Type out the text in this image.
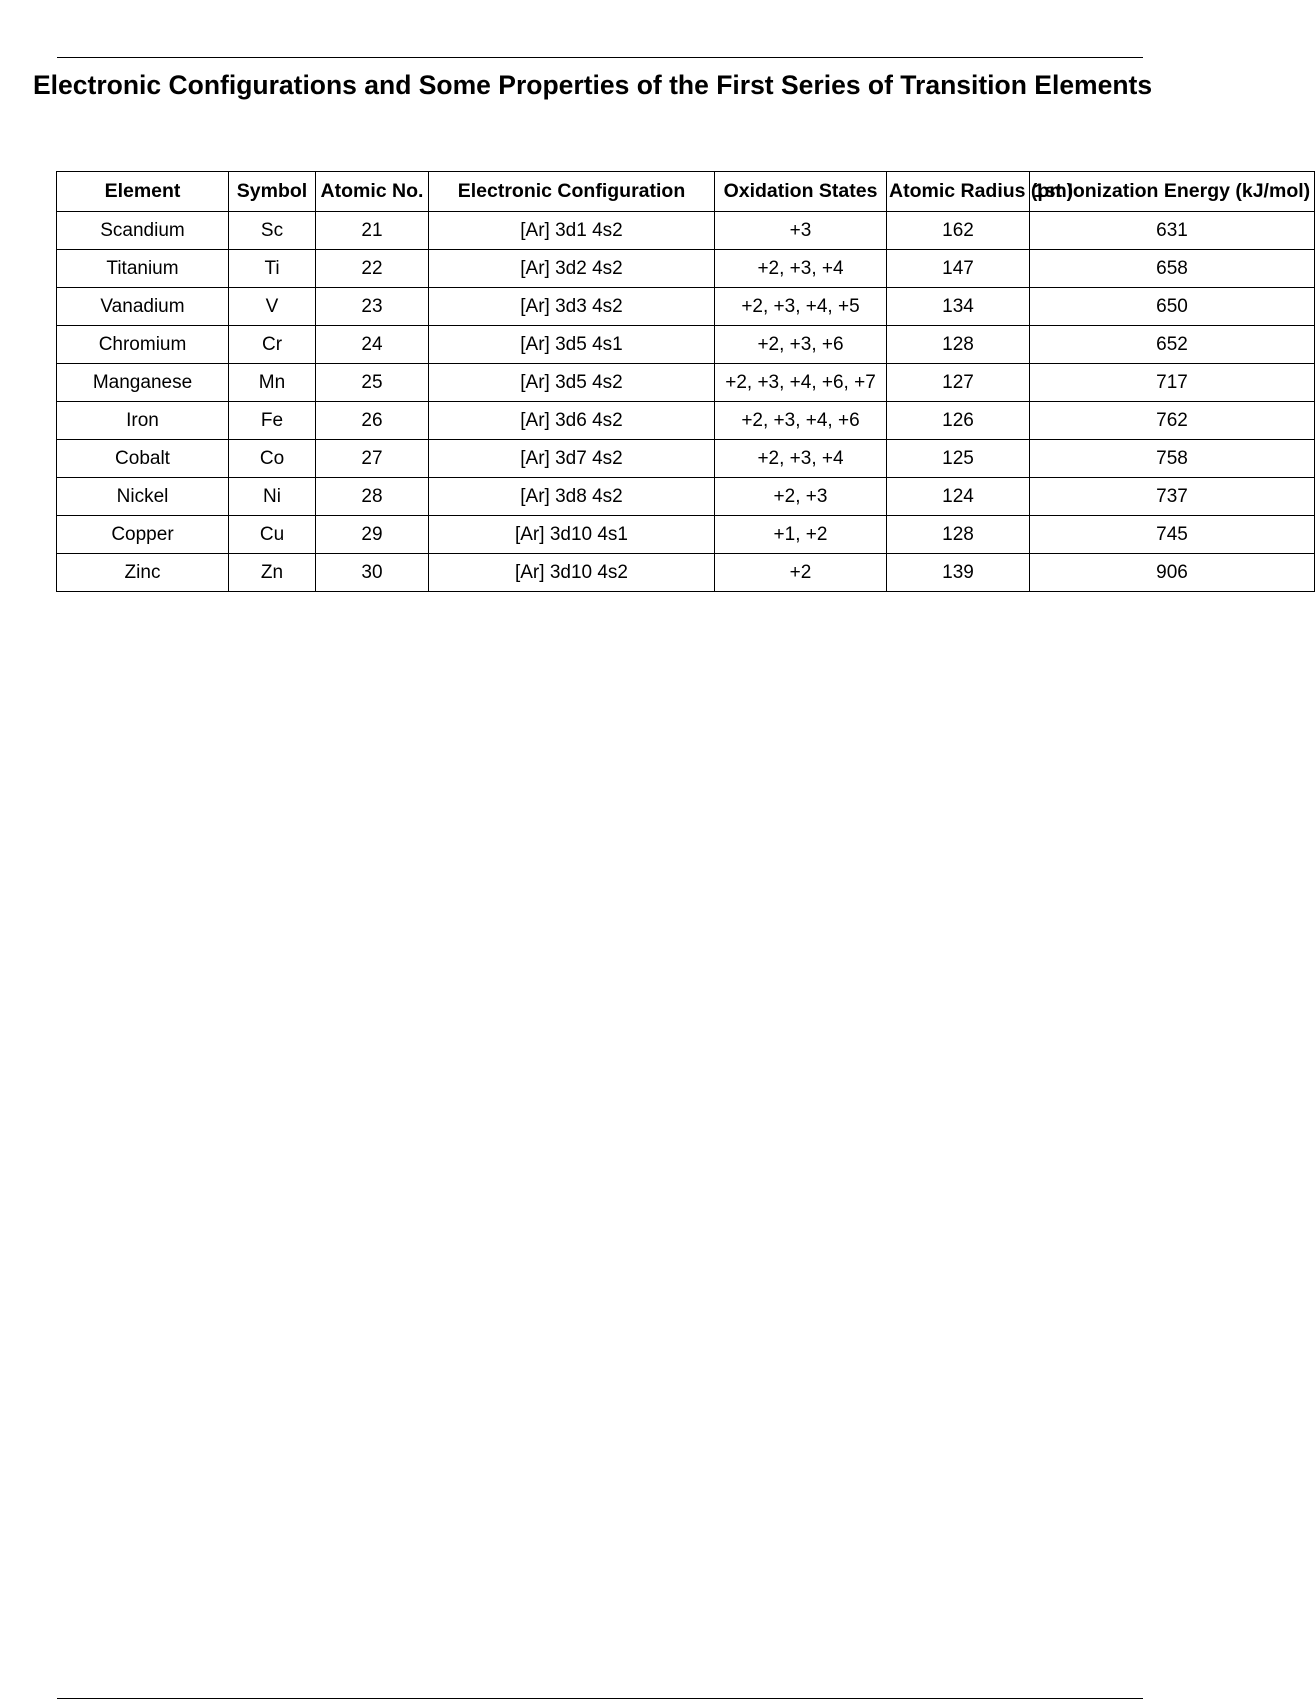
Electronic Configurations and Some Properties of the First Series of Transition Elements
Element	Symbol	Atomic No.	Electronic Configuration	Oxidation States	Atomic Radius (pm)	1st Ionization Energy (kJ/mol)
Scandium	Sc	21	[Ar] 3d1 4s2	+3	162	631
Titanium	Ti	22	[Ar] 3d2 4s2	+2, +3, +4	147	658
Vanadium	V	23	[Ar] 3d3 4s2	+2, +3, +4, +5	134	650
Chromium	Cr	24	[Ar] 3d5 4s1	+2, +3, +6	128	652
Manganese	Mn	25	[Ar] 3d5 4s2	+2, +3, +4, +6, +7	127	717
Iron	Fe	26	[Ar] 3d6 4s2	+2, +3, +4, +6	126	762
Cobalt	Co	27	[Ar] 3d7 4s2	+2, +3, +4	125	758
Nickel	Ni	28	[Ar] 3d8 4s2	+2, +3	124	737
Copper	Cu	29	[Ar] 3d10 4s1	+1, +2	128	745
Zinc	Zn	30	[Ar] 3d10 4s2	+2	139	906
